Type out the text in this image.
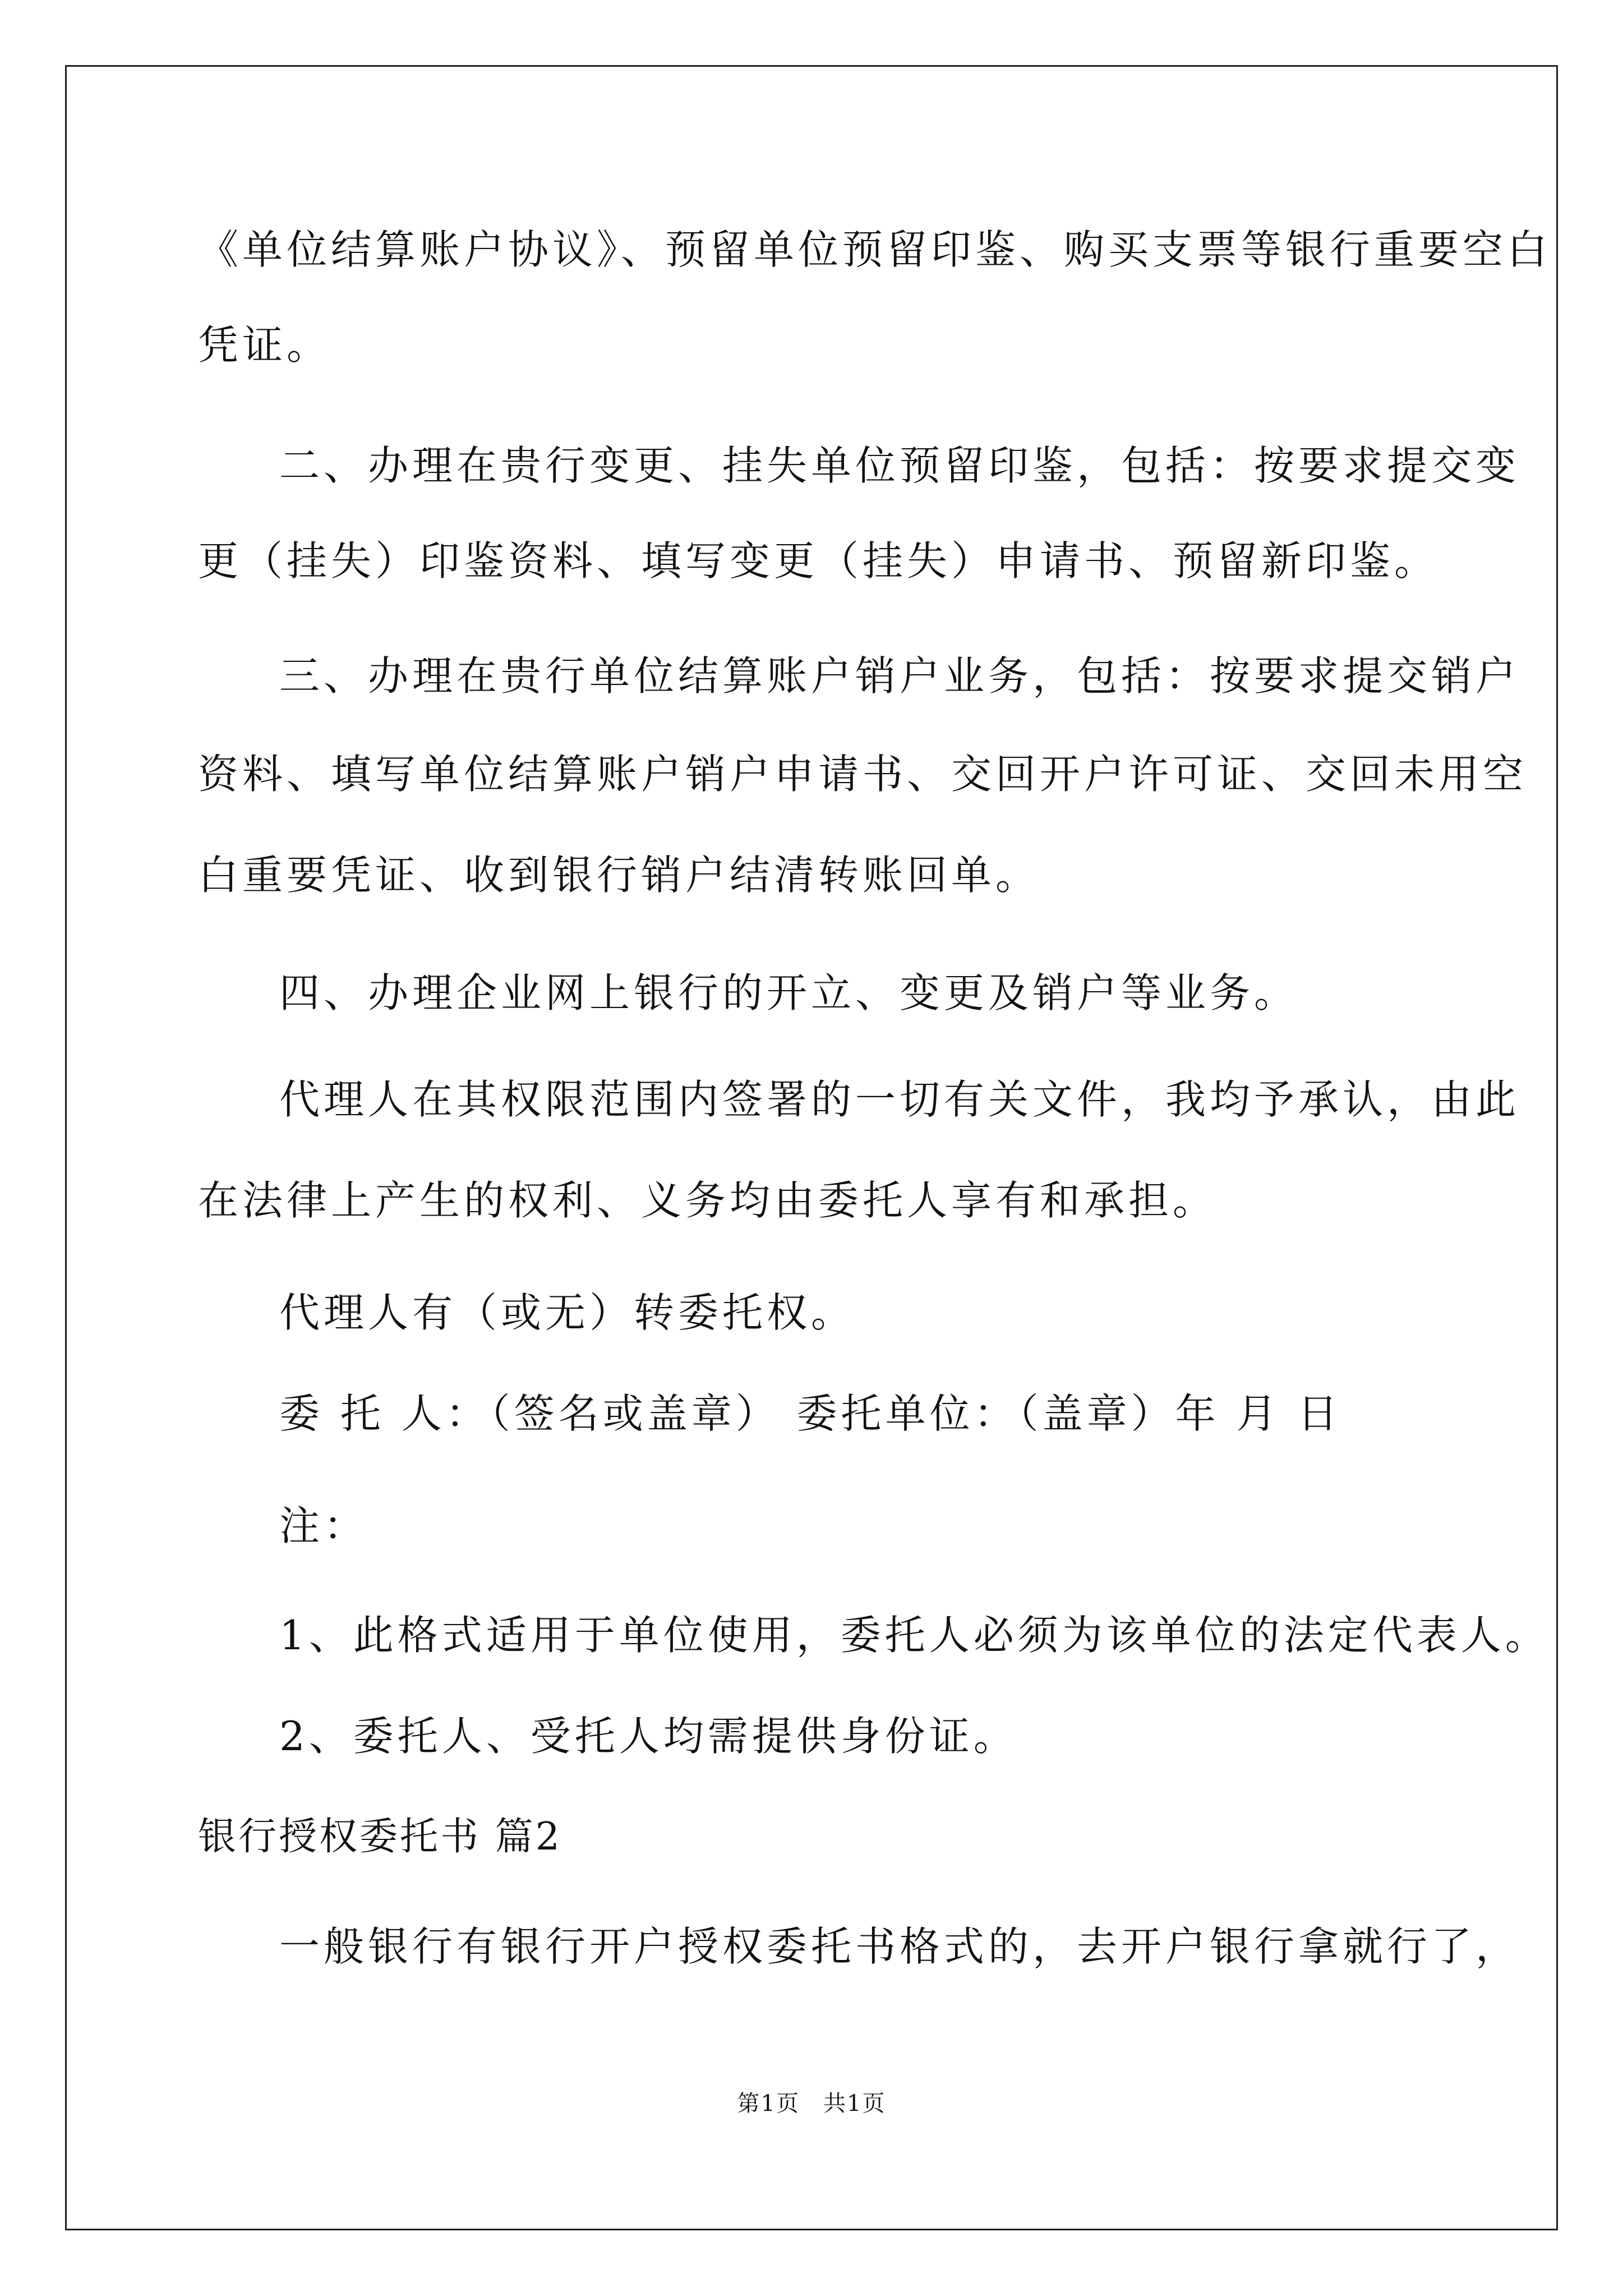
《单位结算账户协议》、预留单位预留印鉴、购买支票等银行重要空白
凭证。
二、办理在贵行变更、挂失单位预留印鉴，包括：按要求提交变
更（挂失）印鉴资料、填写变更（挂失）申请书、预留新印鉴。
三、办理在贵行单位结算账户销户业务，包括：按要求提交销户
资料、填写单位结算账户销户申请书、交回开户许可证、交回未用空
白重要凭证、收到银行销户结清转账回单。
四、办理企业网上银行的开立、变更及销户等业务。
代理人在其权限范围内签署的一切有关文件，我均予承认，由此
在法律上产生的权利、义务均由委托人享有和承担。
代理人有（或无）转委托权。
委 托 人：（签名或盖章） 委托单位：（盖章）年 月 日
注：
1、此格式适用于单位使用，委托人必须为该单位的法定代表人。
2、委托人、受托人均需提供身份证。
银行授权委托书 篇2
一般银行有银行开户授权委托书格式的，去开户银行拿就行了，
第1页　共1页
